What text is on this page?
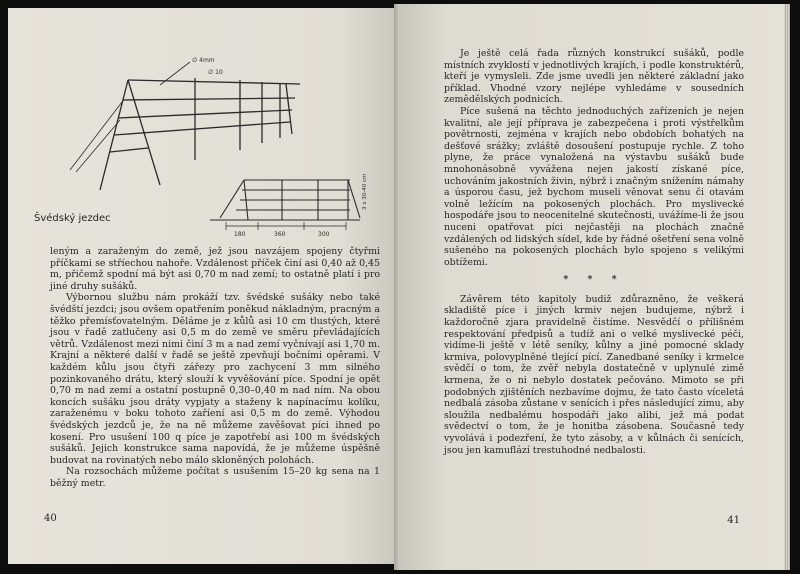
∅ 4mm
∅ 10
180	360	300
3 x 30-40 cm
Švédský jezdec

leným a zaraženým do země, jež jsou navzájem spojeny čtyřmi příčkami se stříechou nahoře. Vzdálenost příček činí asi 0,40 až 0,45 m, přičemž spodní má být asi 0,70 m nad zemí; to ostatně platí i pro jiné druhy sušáků.

Výbornou službu nám prokáží tzv. švédské sušáky nebo také švédští jezdci; jsou ovšem opatřením poněkud nákladným, pracným a těžko přemísťovatelným. Děláme je z kůlů asi 10 cm tlustých, které jsou v řadě zatlučeny asi 0,5 m do země ve směru převládajících větrů. Vzdálenost mezi nimi činí 3 m a nad zemí vyčnívají asi 1,70 m. Krajní a některé další v řadě se ještě zpevňují bočními opěrami. V každém kůlu jsou čtyři zářezy pro zachycení 3 mm silného pozinkovaného drátu, který slouží k vyvěšování píce. Spodní je opět 0,70 m nad zemí a ostatní postupně 0,30–0,40 m nad ním. Na obou koncích sušáku jsou dráty vypjaty a staženy k napínacímu kolíku, zaraženému v boku tohoto zaříení asi 0,5 m do země. Výhodou švédských jezdců je, že na ně můžeme zavěšovat píci ihned po kosení. Pro usušení 100 q píce je zapotřebí asi 100 m švédských sušáků. Jejich konstrukce sama napovídá, že je můžeme úspěšně budovat na rovinatých nebo málo skloněných polohách.

Na rozsochách můžeme počítat s usušením 15–20 kg sena na 1 běžný metr.

40

Je ještě celá řada různých konstrukcí sušáků, podle místních zvyklostí v jednotlivých krajích, i podle konstruktérů, kteří je vymysleli. Zde jsme uvedli jen některé základní jako příklad. Vhodné vzory nejlépe vyhledáme v sousedních zemědělských podnicích.

Píce sušená na těchto jednoduchých zařízeních je nejen kvalitní, ale její příprava je zabezpečena i proti výstřelkům povětrnosti, zejména v krajích nebo obdobích bohatých na dešťové srážky; zvláště dosoušení postupuje rychle. Z toho plyne, že práce vynaložená na výstavbu sušáků bude mnohonásobně vyvážena nejen jakostí získané píce, uchováním jakostních živin, nýbrž i značným snížením námahy a úsporou času, jež bychom museli věnovat senu či otavám volně ležícím na pokosených plochách. Pro myslivecké hospodáře jsou to neocenitelné skutečnosti, uvážíme-li že jsou nuceni opatřovat píci nejčastěji na plochách značně vzdálených od lidských sídel, kde by řádné ošetření sena volně sušeného na pokosených plochách bylo spojeno s velikými obtížemi.

* * *

Závěrem této kapitoly budiž zdůrazněno, že veškerá skladiště píce i jiných krmiv nejen budujeme, nýbrž i každoročně zjara pravidelně čistíme. Nesvědčí o přílišném respektování předpisů a tudíž ani o velké myslivecké péči, vidíme-li ještě v létě seníky, kůlny a jiné pomocné sklady krmiva, polovyplněné tlející pící. Zanedbané seníky i krmelce svědčí o tom, že zvěř nebyla dostatečně v uplynulé zimě krmena, že o ni nebylo dostatek pečováno. Mimoto se při podobných zjištěních nezbavíme dojmu, že tato často víceletá nedbalá zásoba zůstane v senících i přes následující zimu, aby sloužila nedbalému hospodáři jako alibi, jež má podat svědectví o tom, že je honitba zásobena. Současně tedy vyvolává i podezření, že tyto zásoby, a v kůlnách či senících, jsou jen kamuflází trestuhodné nedbalosti.

41
